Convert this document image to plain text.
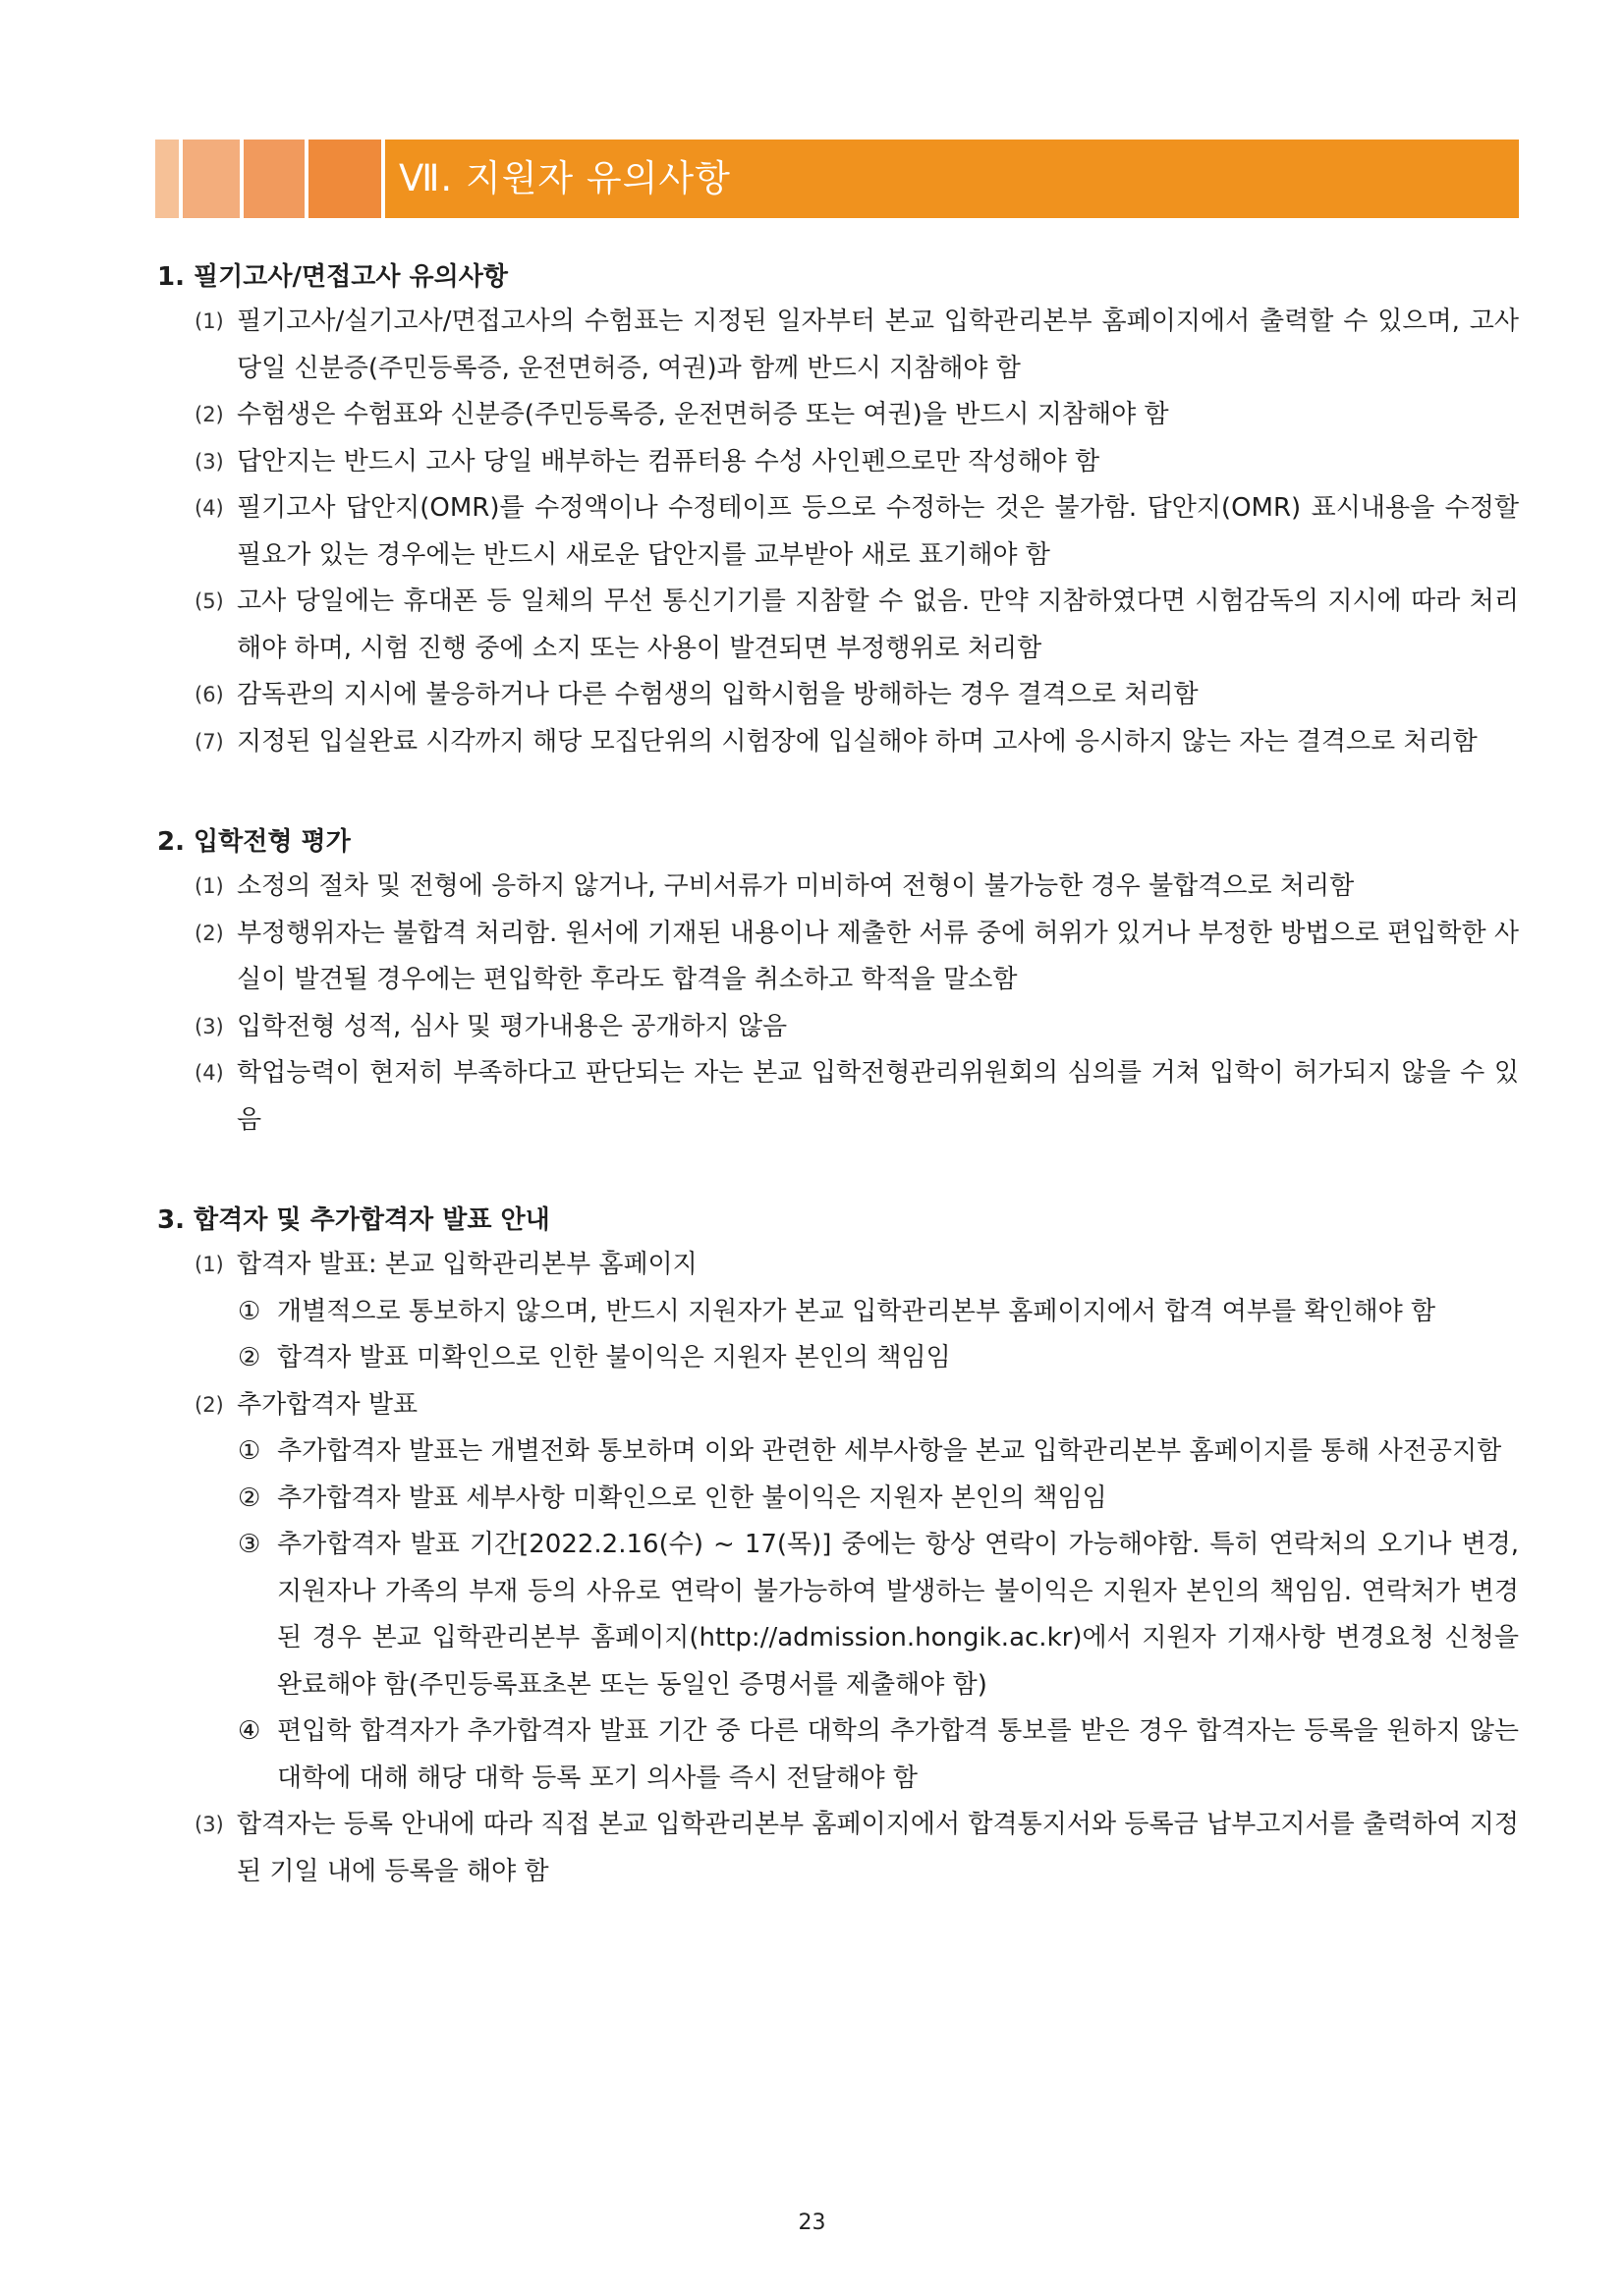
Ⅶ. 지원자 유의사항
1. 필기고사/면접고사 유의사항
(1) 필기고사/실기고사/면접고사의 수험표는 지정된 일자부터 본교 입학관리본부 홈페이지에서 출력할 수 있으며, 고사 당일 신분증(주민등록증, 운전면허증, 여권)과 함께 반드시 지참해야 함
(2) 수험생은 수험표와 신분증(주민등록증, 운전면허증 또는 여권)을 반드시 지참해야 함
(3) 답안지는 반드시 고사 당일 배부하는 컴퓨터용 수성 사인펜으로만 작성해야 함
(4) 필기고사 답안지(OMR)를 수정액이나 수정테이프 등으로 수정하는 것은 불가함. 답안지(OMR) 표시내용을 수정할 필요가 있는 경우에는 반드시 새로운 답안지를 교부받아 새로 표기해야 함
(5) 고사 당일에는 휴대폰 등 일체의 무선 통신기기를 지참할 수 없음. 만약 지참하였다면 시험감독의 지시에 따라 처리해야 하며, 시험 진행 중에 소지 또는 사용이 발견되면 부정행위로 처리함
(6) 감독관의 지시에 불응하거나 다른 수험생의 입학시험을 방해하는 경우 결격으로 처리함
(7) 지정된 입실완료 시각까지 해당 모집단위의 시험장에 입실해야 하며 고사에 응시하지 않는 자는 결격으로 처리함
2. 입학전형 평가
(1) 소정의 절차 및 전형에 응하지 않거나, 구비서류가 미비하여 전형이 불가능한 경우 불합격으로 처리함
(2) 부정행위자는 불합격 처리함. 원서에 기재된 내용이나 제출한 서류 중에 허위가 있거나 부정한 방법으로 편입학한 사실이 발견될 경우에는 편입학한 후라도 합격을 취소하고 학적을 말소함
(3) 입학전형 성적, 심사 및 평가내용은 공개하지 않음
(4) 학업능력이 현저히 부족하다고 판단되는 자는 본교 입학전형관리위원회의 심의를 거쳐 입학이 허가되지 않을 수 있음
3. 합격자 및 추가합격자 발표 안내
(1) 합격자 발표: 본교 입학관리본부 홈페이지
① 개별적으로 통보하지 않으며, 반드시 지원자가 본교 입학관리본부 홈페이지에서 합격 여부를 확인해야 함
② 합격자 발표 미확인으로 인한 불이익은 지원자 본인의 책임임
(2) 추가합격자 발표
① 추가합격자 발표는 개별전화 통보하며 이와 관련한 세부사항을 본교 입학관리본부 홈페이지를 통해 사전공지함
② 추가합격자 발표 세부사항 미확인으로 인한 불이익은 지원자 본인의 책임임
③ 추가합격자 발표 기간[2022.2.16(수) ~ 17(목)] 중에는 항상 연락이 가능해야함. 특히 연락처의 오기나 변경, 지원자나 가족의 부재 등의 사유로 연락이 불가능하여 발생하는 불이익은 지원자 본인의 책임임. 연락처가 변경된 경우 본교 입학관리본부 홈페이지(http://admission.hongik.ac.kr)에서 지원자 기재사항 변경요청 신청을 완료해야 함(주민등록표초본 또는 동일인 증명서를 제출해야 함)
④ 편입학 합격자가 추가합격자 발표 기간 중 다른 대학의 추가합격 통보를 받은 경우 합격자는 등록을 원하지 않는 대학에 대해 해당 대학 등록 포기 의사를 즉시 전달해야 함
(3) 합격자는 등록 안내에 따라 직접 본교 입학관리본부 홈페이지에서 합격통지서와 등록금 납부고지서를 출력하여 지정된 기일 내에 등록을 해야 함
23
